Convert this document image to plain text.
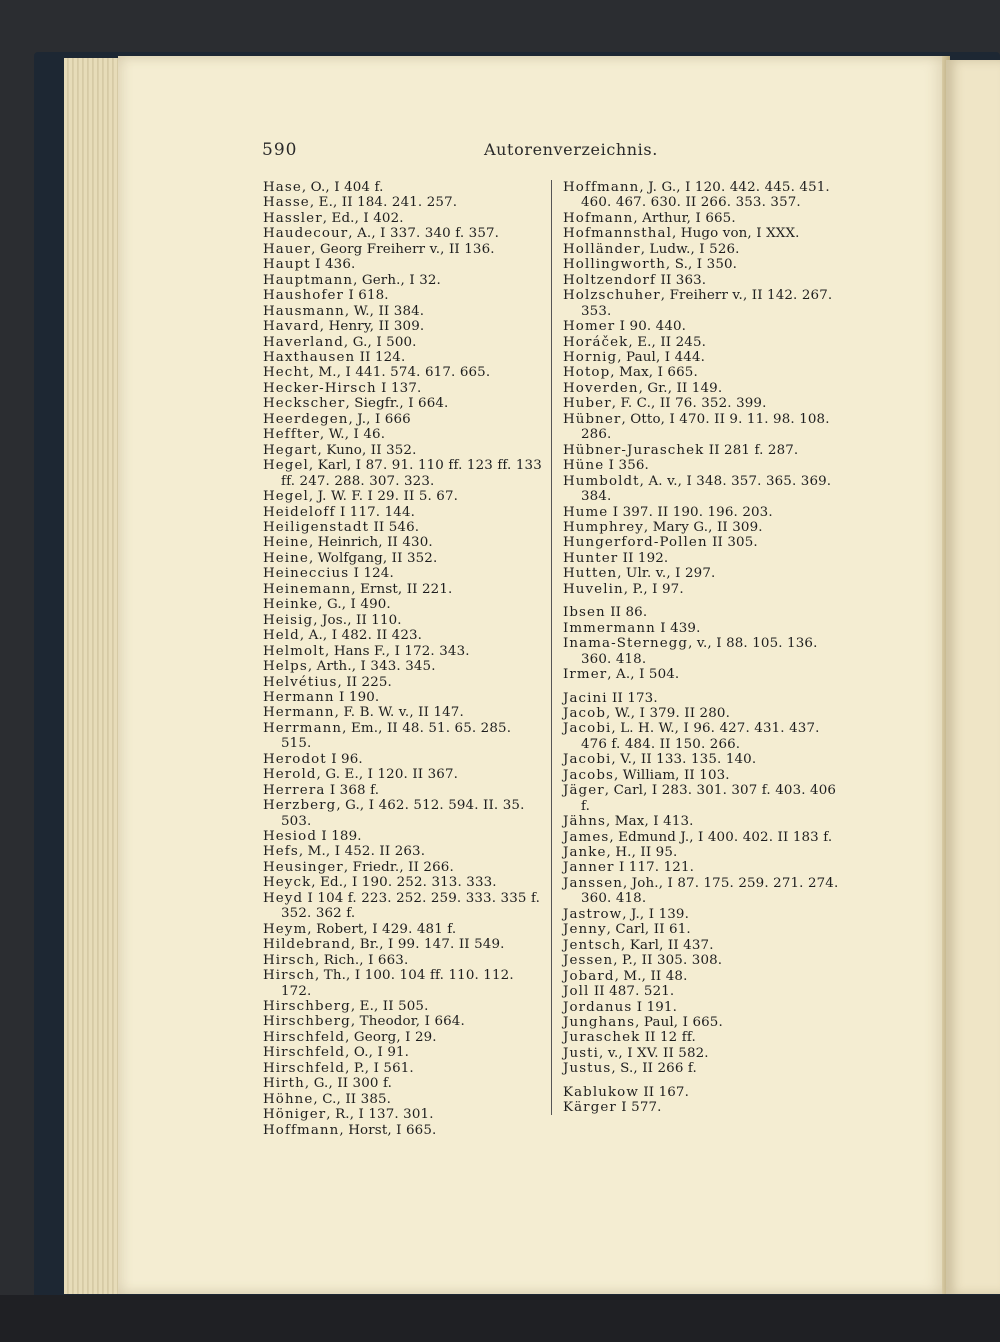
590	Autorenverzeichnis.
Hase, O., I 404 f.
Hasse, E., II 184. 241. 257.
Hassler, Ed., I 402.
Haudecour, A., I 337. 340 f. 357.
Hauer, Georg Freiherr v., II 136.
Haupt I 436.
Hauptmann, Gerh., I 32.
Haushofer I 618.
Hausmann, W., II 384.
Havard, Henry, II 309.
Haverland, G., I 500.
Haxthausen II 124.
Hecht, M., I 441. 574. 617. 665.
Hecker-Hirsch I 137.
Heckscher, Siegfr., I 664.
Heerdegen, J., I 666
Heffter, W., I 46.
Hegart, Kuno, II 352.
Hegel, Karl, I 87. 91. 110 ff. 123 ff. 133 ff. 247. 288. 307. 323.
Hegel, J. W. F. I 29. II 5. 67.
Heideloff I 117. 144.
Heiligenstadt II 546.
Heine, Heinrich, II 430.
Heine, Wolfgang, II 352.
Heineccius I 124.
Heinemann, Ernst, II 221.
Heinke, G., I 490.
Heisig, Jos., II 110.
Held, A., I 482. II 423.
Helmolt, Hans F., I 172. 343.
Helps, Arth., I 343. 345.
Helvétius, II 225.
Hermann I 190.
Hermann, F. B. W. v., II 147.
Herrmann, Em., II 48. 51. 65. 285. 515.
Herodot I 96.
Herold, G. E., I 120. II 367.
Herrera I 368 f.
Herzberg, G., I 462. 512. 594. II. 35. 503.
Hesiod I 189.
Hefs, M., I 452. II 263.
Heusinger, Friedr., II 266.
Heyck, Ed., I 190. 252. 313. 333.
Heyd I 104 f. 223. 252. 259. 333. 335 f. 352. 362 f.
Heym, Robert, I 429. 481 f.
Hildebrand, Br., I 99. 147. II 549.
Hirsch, Rich., I 663.
Hirsch, Th., I 100. 104 ff. 110. 112. 172.
Hirschberg, E., II 505.
Hirschberg, Theodor, I 664.
Hirschfeld, Georg, I 29.
Hirschfeld, O., I 91.
Hirschfeld, P., I 561.
Hirth, G., II 300 f.
Höhne, C., II 385.
Höniger, R., I 137. 301.
Hoffmann, Horst, I 665.
Hoffmann, J. G., I 120. 442. 445. 451. 460. 467. 630. II 266. 353. 357.
Hofmann, Arthur, I 665.
Hofmannsthal, Hugo von, I XXX.
Holländer, Ludw., I 526.
Hollingworth, S., I 350.
Holtzendorf II 363.
Holzschuher, Freiherr v., II 142. 267. 353.
Homer I 90. 440.
Horáček, E., II 245.
Hornig, Paul, I 444.
Hotop, Max, I 665.
Hoverden, Gr., II 149.
Huber, F. C., II 76. 352. 399.
Hübner, Otto, I 470. II 9. 11. 98. 108. 286.
Hübner-Juraschek II 281 f. 287.
Hüne I 356.
Humboldt, A. v., I 348. 357. 365. 369. 384.
Hume I 397. II 190. 196. 203.
Humphrey, Mary G., II 309.
Hungerford-Pollen II 305.
Hunter II 192.
Hutten, Ulr. v., I 297.
Huvelin, P., I 97.
Ibsen II 86.
Immermann I 439.
Inama-Sternegg, v., I 88. 105. 136. 360. 418.
Irmer, A., I 504.
Jacini II 173.
Jacob, W., I 379. II 280.
Jacobi, L. H. W., I 96. 427. 431. 437. 476 f. 484. II 150. 266.
Jacobi, V., II 133. 135. 140.
Jacobs, William, II 103.
Jäger, Carl, I 283. 301. 307 f. 403. 406 f.
Jähns, Max, I 413.
James, Edmund J., I 400. 402. II 183 f.
Janke, H., II 95.
Janner I 117. 121.
Janssen, Joh., I 87. 175. 259. 271. 274. 360. 418.
Jastrow, J., I 139.
Jenny, Carl, II 61.
Jentsch, Karl, II 437.
Jessen, P., II 305. 308.
Jobard, M., II 48.
Joll II 487. 521.
Jordanus I 191.
Junghans, Paul, I 665.
Juraschek II 12 ff.
Justi, v., I XV. II 582.
Justus, S., II 266 f.
Kablukow II 167.
Kärger I 577.
